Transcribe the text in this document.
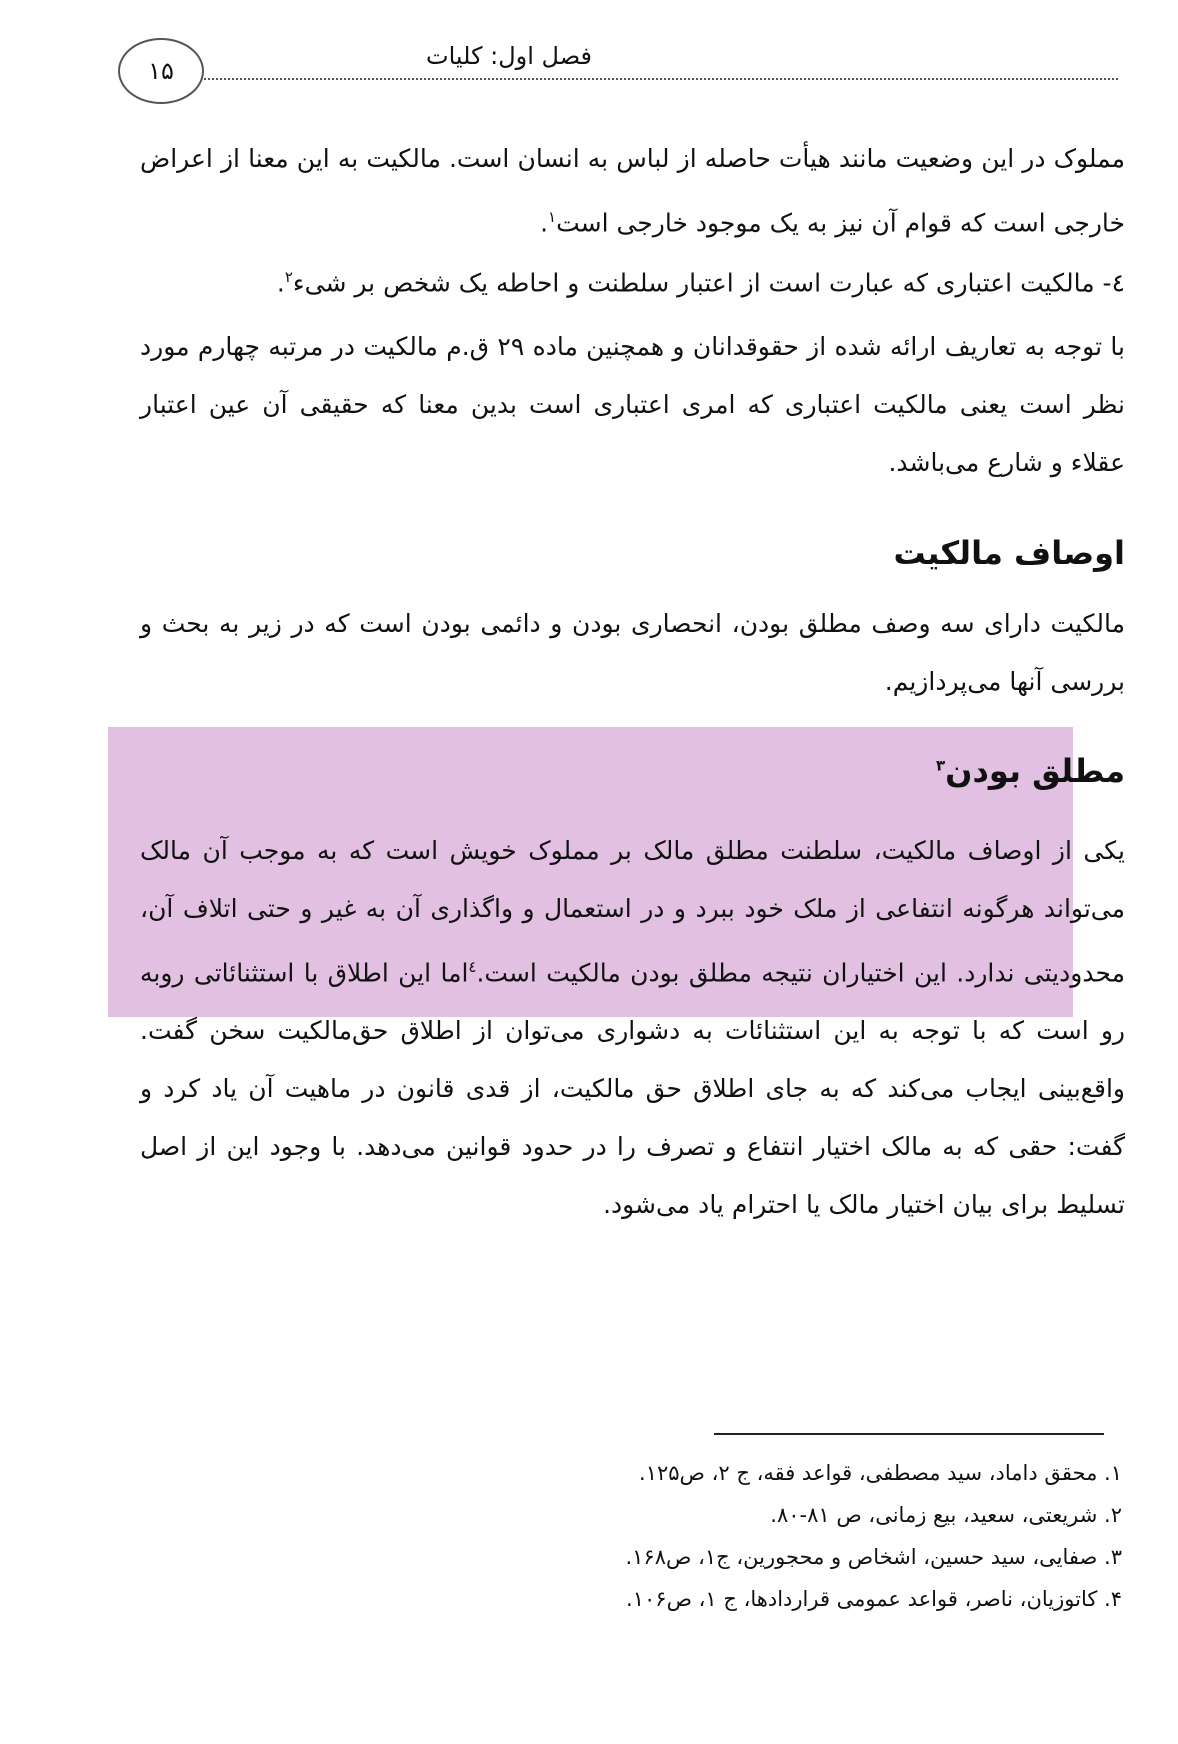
۱۵
فصل اول: کلیات
مملوک در این وضعیت مانند هیأت حاصله از لباس به انسان است. مالکیت به این معنا از اعراض خارجی است که قوام آن نیز به یک موجود خارجی است$^۱$.
٤- مالکیت اعتباری که عبارت است از اعتبار سلطنت و احاطه یک شخص بر شیء$^۲$.
با توجه به تعاریف ارائه شده از حقوقدانان و همچنین ماده ۲۹ ق.م مالکیت در مرتبه چهارم مورد نظر است یعنی مالکیت اعتباری که امری اعتباری است بدین معنا که حقیقی آن عین اعتبار عقلاء و شارع می‌باشد.
اوصاف مالکیت
مالکیت دارای سه وصف مطلق بودن، انحصاری بودن و دائمی بودن است که در زیر به بحث و بررسی آنها می‌پردازیم.
مطلق بودن$^۳$
یکی از اوصاف مالکیت، سلطنت مطلق مالک بر مملوک خویش است که به موجب آن مالک می‌تواند هرگونه انتفاعی از ملک خود ببرد و در استعمال و واگذاری آن به غیر و حتی اتلاف آن، محدودیتی ندارد. این اختیاران نتیجه مطلق بودن مالکیت است.$^٤$اما این اطلاق با استثنائاتی روبه رو است که با توجه به این استثنائات به دشواری می‌توان از اطلاق حق‌مالکیت سخن گفت. واقع‌بینی ایجاب می‌کند که به جای اطلاق حق مالکیت، از قدی قانون در ماهیت آن یاد کرد و گفت: حقی که به مالک اختیار انتفاع و تصرف را در حدود قوانین می‌دهد. با وجود این از اصل تسلیط برای بیان اختیار مالک یا احترام یاد می‌شود.
۱. محقق داماد، سید مصطفی، قواعد فقه، ج ۲، ص۱۲۵.
۲. شریعتی، سعید، بیع زمانی، ص ۸۱-۸۰.
۳. صفایی، سید حسین، اشخاص و محجورین، ج۱، ص۱۶۸.
۴. کاتوزیان، ناصر، قواعد عمومی قراردادها، ج ۱، ص۱۰۶.
